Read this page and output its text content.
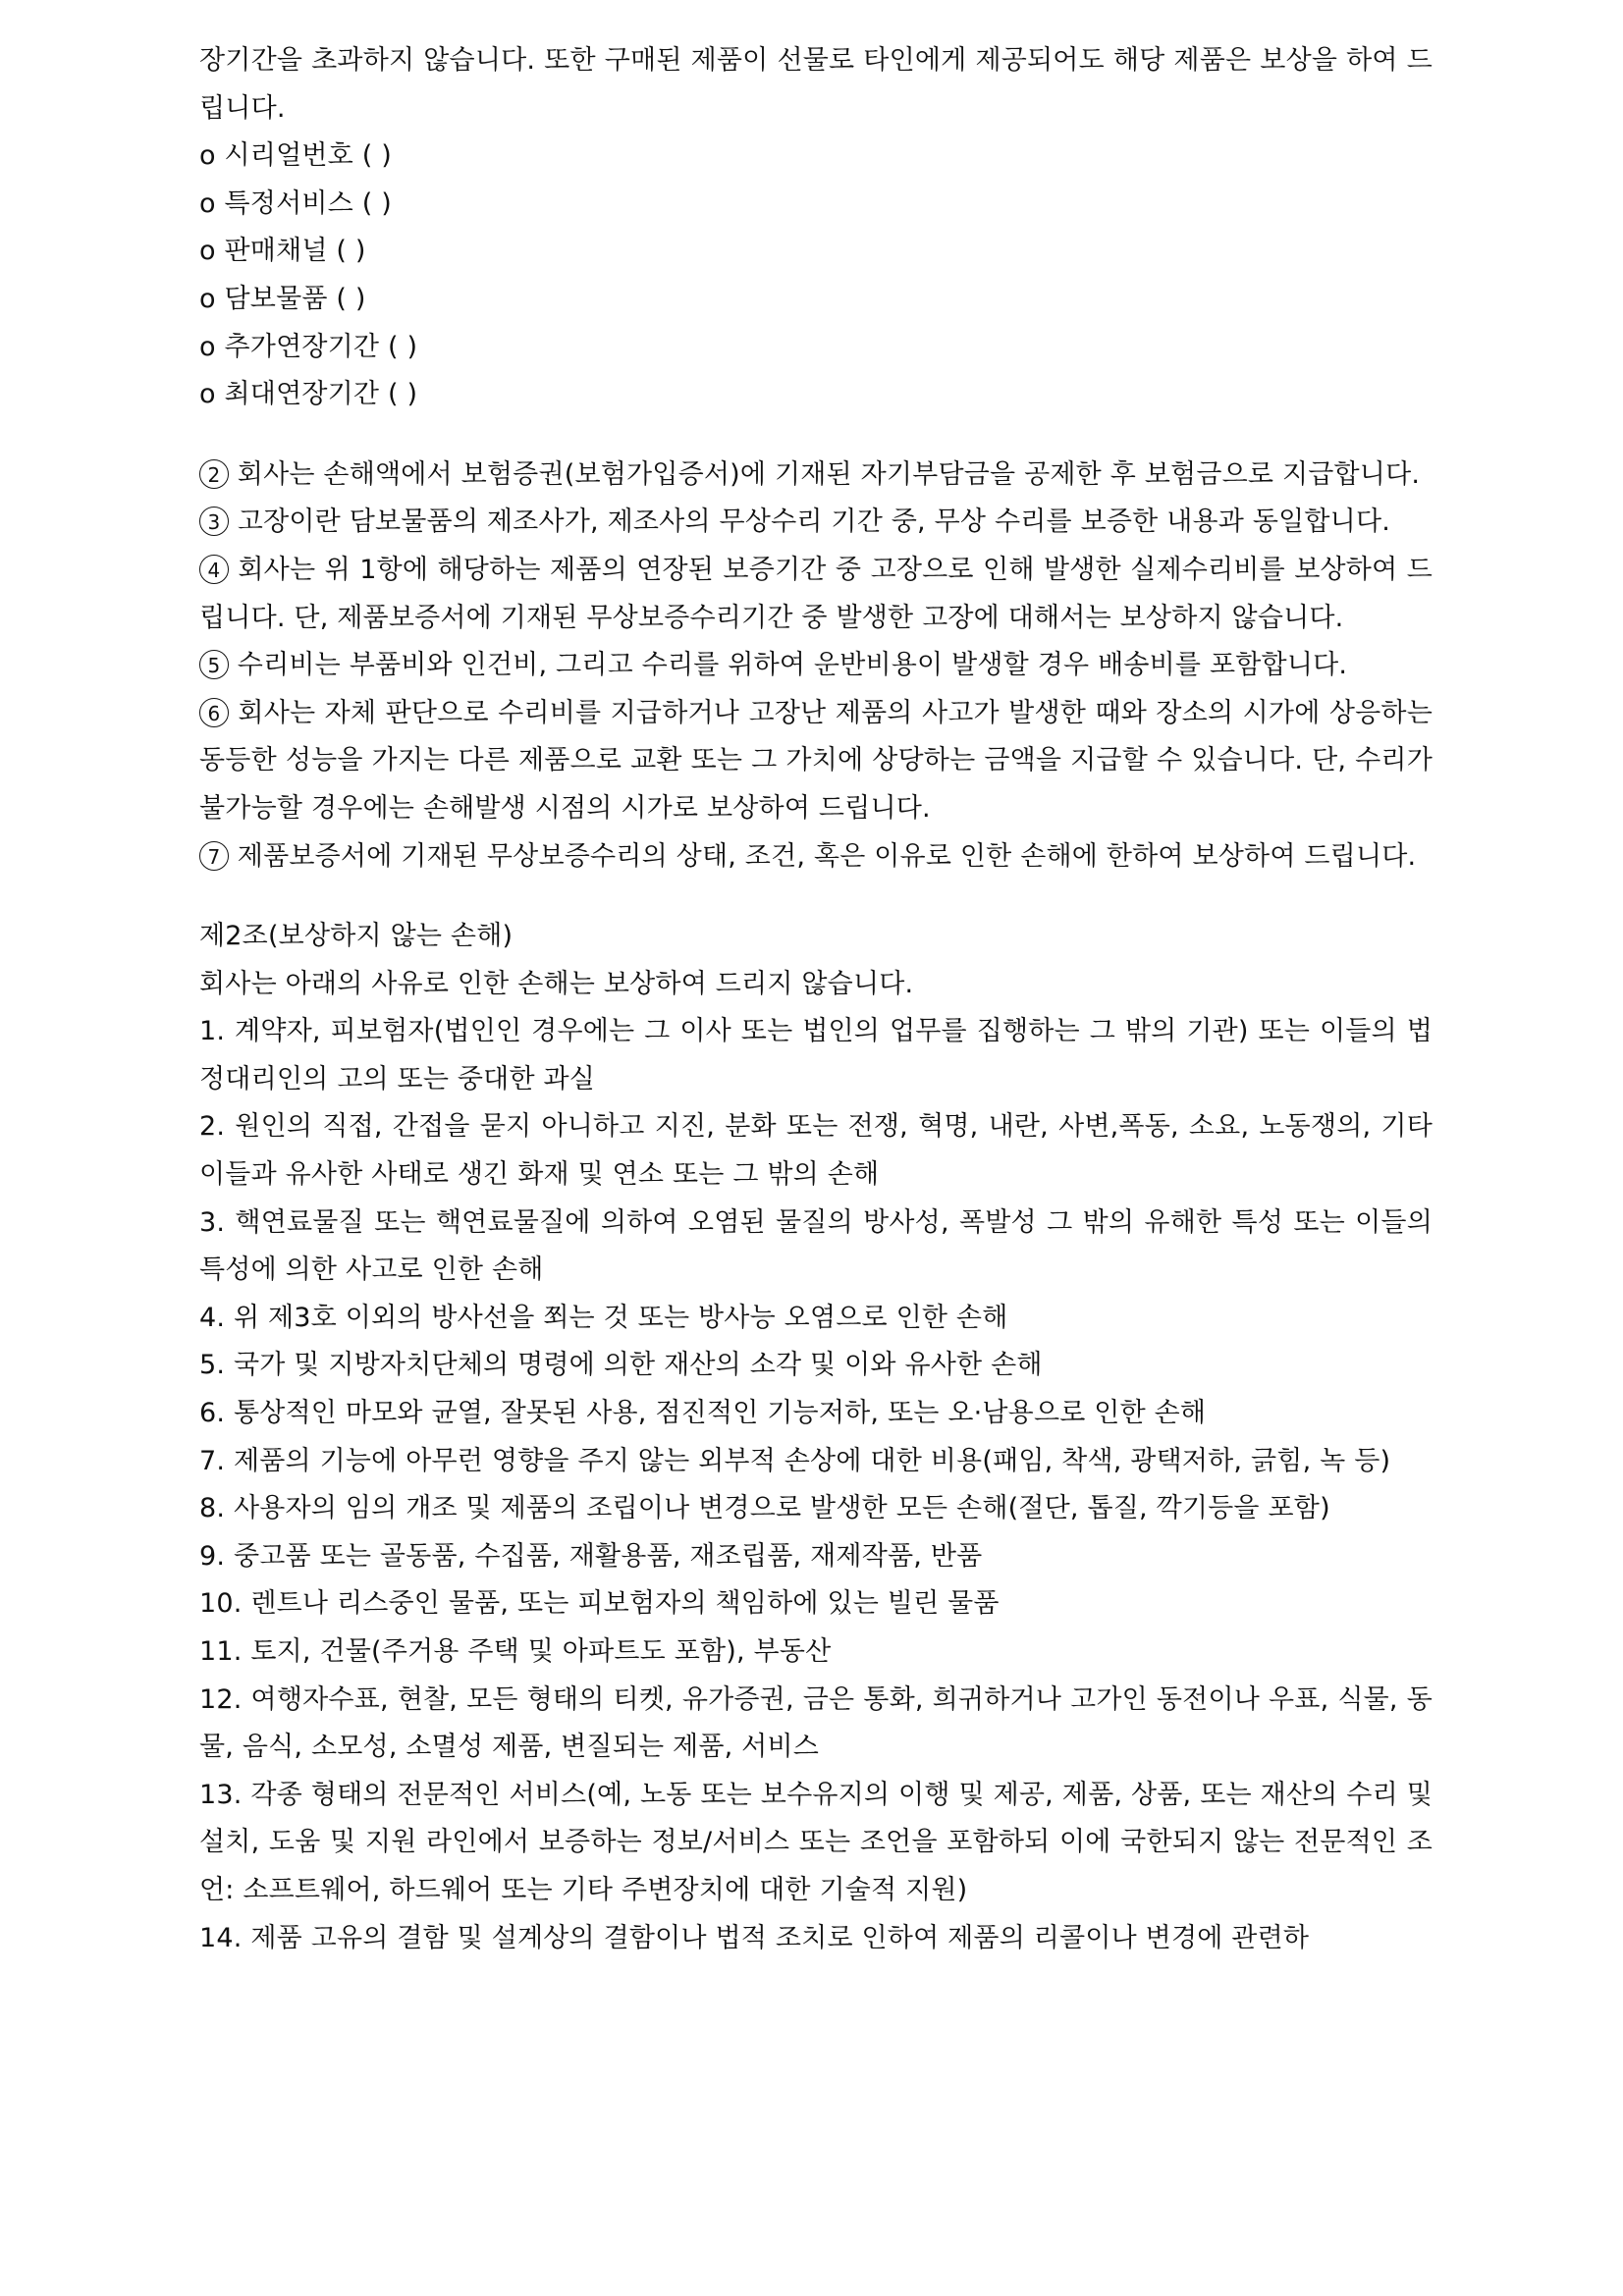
장기간을 초과하지 않습니다. 또한 구매된 제품이 선물로 타인에게 제공되어도 해당 제품은 보상을 하여 드립니다.

o 시리얼번호 ( )
o 특정서비스 ( )
o 판매채널 ( )
o 담보물품 ( )
o 추가연장기간 ( )
o 최대연장기간 ( )

2 회사는 손해액에서 보험증권(보험가입증서)에 기재된 자기부담금을 공제한 후 보험금으로 지급합니다.

3 고장이란 담보물품의 제조사가, 제조사의 무상수리 기간 중, 무상 수리를 보증한 내용과 동일합니다.

4 회사는 위 1항에 해당하는 제품의 연장된 보증기간 중 고장으로 인해 발생한 실제수리비를 보상하여 드립니다. 단, 제품보증서에 기재된 무상보증수리기간 중 발생한 고장에 대해서는 보상하지 않습니다.

5 수리비는 부품비와 인건비, 그리고 수리를 위하여 운반비용이 발생할 경우 배송비를 포함합니다.

6 회사는 자체 판단으로 수리비를 지급하거나 고장난 제품의 사고가 발생한 때와 장소의 시가에 상응하는 동등한 성능을 가지는 다른 제품으로 교환 또는 그 가치에 상당하는 금액을 지급할 수 있습니다. 단, 수리가 불가능할 경우에는 손해발생 시점의 시가로 보상하여 드립니다.

7 제품보증서에 기재된 무상보증수리의 상태, 조건, 혹은 이유로 인한 손해에 한하여 보상하여 드립니다.

제2조(보상하지 않는 손해)

회사는 아래의 사유로 인한 손해는 보상하여 드리지 않습니다.

1. 계약자, 피보험자(법인인 경우에는 그 이사 또는 법인의 업무를 집행하는 그 밖의 기관) 또는 이들의 법정대리인의 고의 또는 중대한 과실

2. 원인의 직접, 간접을 묻지 아니하고 지진, 분화 또는 전쟁, 혁명, 내란, 사변,폭동, 소요, 노동쟁의, 기타 이들과 유사한 사태로 생긴 화재 및 연소 또는 그 밖의 손해

3. 핵연료물질 또는 핵연료물질에 의하여 오염된 물질의 방사성, 폭발성 그 밖의 유해한 특성 또는 이들의 특성에 의한 사고로 인한 손해

4. 위 제3호 이외의 방사선을 쬐는 것 또는 방사능 오염으로 인한 손해

5. 국가 및 지방자치단체의 명령에 의한 재산의 소각 및 이와 유사한 손해

6. 통상적인 마모와 균열, 잘못된 사용, 점진적인 기능저하, 또는 오·남용으로 인한 손해

7. 제품의 기능에 아무런 영향을 주지 않는 외부적 손상에 대한 비용(패임, 착색, 광택저하, 긁힘, 녹 등)

8. 사용자의 임의 개조 및 제품의 조립이나 변경으로 발생한 모든 손해(절단, 톱질, 깍기등을 포함)

9. 중고품 또는 골동품, 수집품, 재활용품, 재조립품, 재제작품, 반품

10. 렌트나 리스중인 물품, 또는 피보험자의 책임하에 있는 빌린 물품

11. 토지, 건물(주거용 주택 및 아파트도 포함), 부동산

12. 여행자수표, 현찰, 모든 형태의 티켓, 유가증권, 금은 통화, 희귀하거나 고가인 동전이나 우표, 식물, 동물, 음식, 소모성, 소멸성 제품, 변질되는 제품, 서비스

13. 각종 형태의 전문적인 서비스(예, 노동 또는 보수유지의 이행 및 제공, 제품, 상품, 또는 재산의 수리 및 설치, 도움 및 지원 라인에서 보증하는 정보/서비스 또는 조언을 포함하되 이에 국한되지 않는 전문적인 조언: 소프트웨어, 하드웨어 또는 기타 주변장치에 대한 기술적 지원)

14. 제품 고유의 결함 및 설계상의 결함이나 법적 조치로 인하여 제품의 리콜이나 변경에 관련하
